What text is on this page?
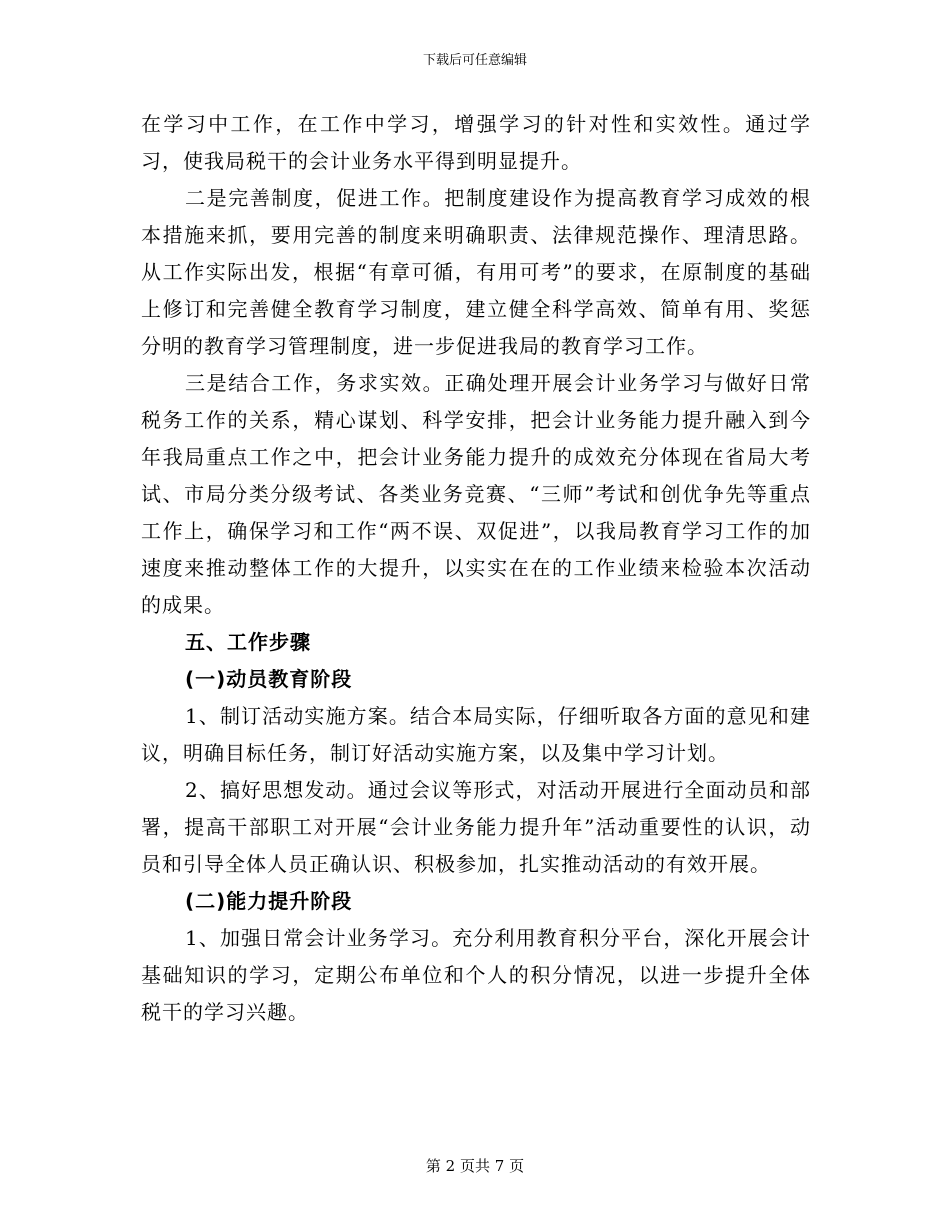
下载后可任意编辑

在学习中工作，在工作中学习，增强学习的针对性和实效性。通过学习，使我局税干的会计业务水平得到明显提升。

二是完善制度，促进工作。把制度建设作为提高教育学习成效的根本措施来抓，要用完善的制度来明确职责、法律规范操作、理清思路。从工作实际出发，根据“有章可循，有用可考”的要求，在原制度的基础上修订和完善健全教育学习制度，建立健全科学高效、简单有用、奖惩分明的教育学习管理制度，进一步促进我局的教育学习工作。

三是结合工作，务求实效。正确处理开展会计业务学习与做好日常税务工作的关系，精心谋划、科学安排，把会计业务能力提升融入到今年我局重点工作之中，把会计业务能力提升的成效充分体现在省局大考试、市局分类分级考试、各类业务竞赛、“三师”考试和创优争先等重点工作上，确保学习和工作“两不误、双促进”，以我局教育学习工作的加速度来推动整体工作的大提升，以实实在在的工作业绩来检验本次活动的成果。

五、工作步骤

(一)动员教育阶段

1、制订活动实施方案。结合本局实际，仔细听取各方面的意见和建议，明确目标任务，制订好活动实施方案，以及集中学习计划。

2、搞好思想发动。通过会议等形式，对活动开展进行全面动员和部署，提高干部职工对开展“会计业务能力提升年”活动重要性的认识，动员和引导全体人员正确认识、积极参加，扎实推动活动的有效开展。

(二)能力提升阶段

1、加强日常会计业务学习。充分利用教育积分平台，深化开展会计基础知识的学习，定期公布单位和个人的积分情况，以进一步提升全体税干的学习兴趣。

第 2 页共 7 页
